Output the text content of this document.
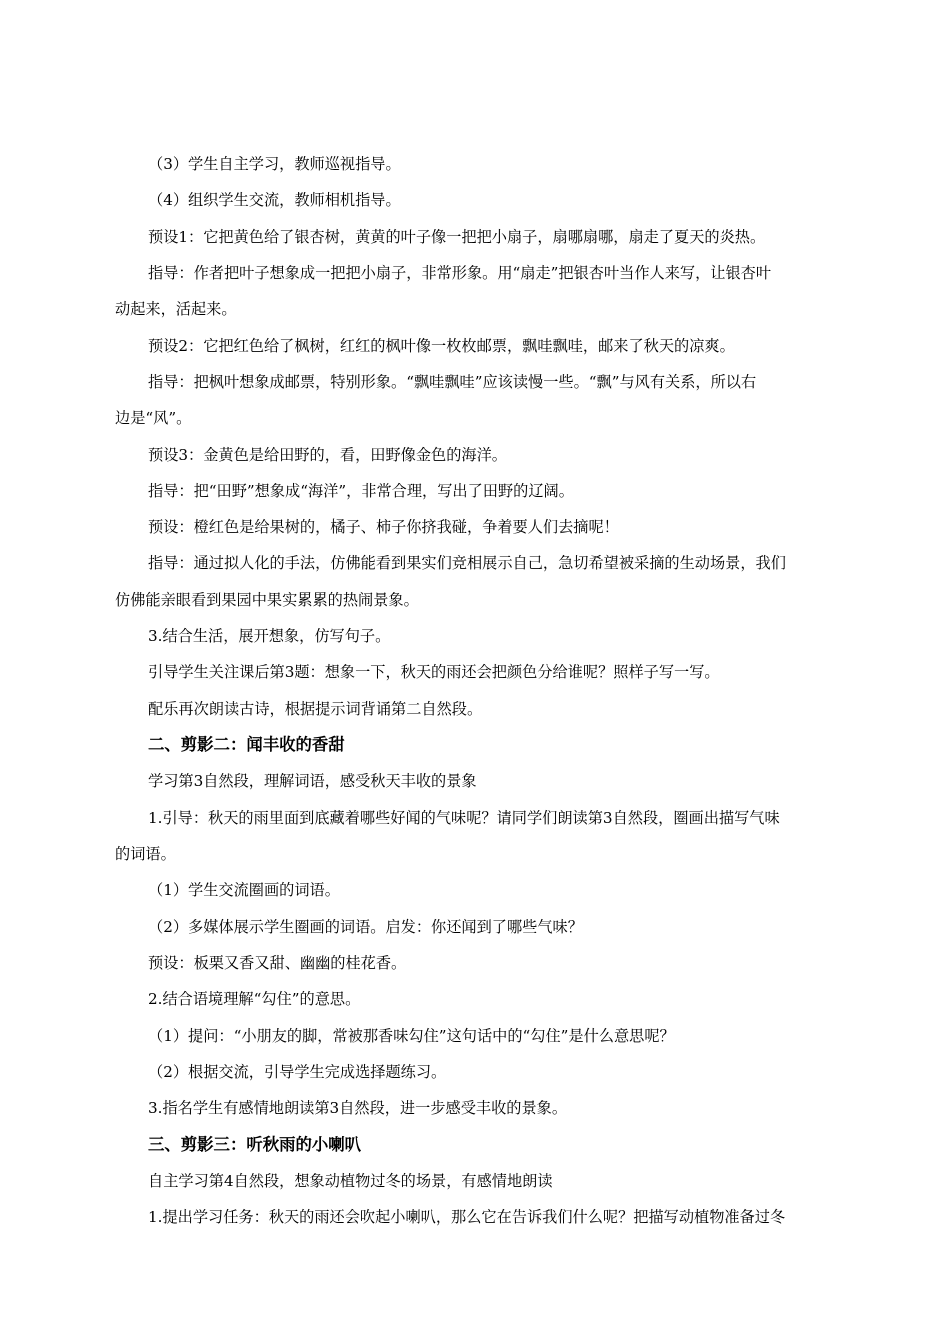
（3）学生自主学习，教师巡视指导。
（4）组织学生交流，教师相机指导。
预设1：它把黄色给了银杏树，黄黄的叶子像一把把小扇子，扇哪扇哪，扇走了夏天的炎热。
指导：作者把叶子想象成一把把小扇子，非常形象。用“扇走”把银杏叶当作人来写，让银杏叶
动起来，活起来。
预设2：它把红色给了枫树，红红的枫叶像一枚枚邮票，飘哇飘哇，邮来了秋天的凉爽。
指导：把枫叶想象成邮票，特别形象。“飘哇飘哇”应该读慢一些。“飘”与风有关系，所以右
边是“风”。
预设3：金黄色是给田野的，看，田野像金色的海洋。
指导：把“田野”想象成“海洋”，非常合理，写出了田野的辽阔。
预设：橙红色是给果树的，橘子、柿子你挤我碰，争着要人们去摘呢！
指导：通过拟人化的手法，仿佛能看到果实们竞相展示自己，急切希望被采摘的生动场景，我们
仿佛能亲眼看到果园中果实累累的热闹景象。
3.结合生活，展开想象，仿写句子。
引导学生关注课后第3题：想象一下，秋天的雨还会把颜色分给谁呢？照样子写一写。
配乐再次朗读古诗，根据提示词背诵第二自然段。
二、剪影二：闻丰收的香甜
学习第3自然段，理解词语，感受秋天丰收的景象
1.引导：秋天的雨里面到底藏着哪些好闻的气味呢？请同学们朗读第3自然段，圈画出描写气味
的词语。
（1）学生交流圈画的词语。
（2）多媒体展示学生圈画的词语。启发：你还闻到了哪些气味？
预设：板栗又香又甜、幽幽的桂花香。
2.结合语境理解“勾住”的意思。
（1）提问：“小朋友的脚，常被那香味勾住”这句话中的“勾住”是什么意思呢？
（2）根据交流，引导学生完成选择题练习。
3.指名学生有感情地朗读第3自然段，进一步感受丰收的景象。
三、剪影三：听秋雨的小喇叭
自主学习第4自然段，想象动植物过冬的场景，有感情地朗读
1.提出学习任务：秋天的雨还会吹起小喇叭，那么它在告诉我们什么呢？把描写动植物准备过冬
